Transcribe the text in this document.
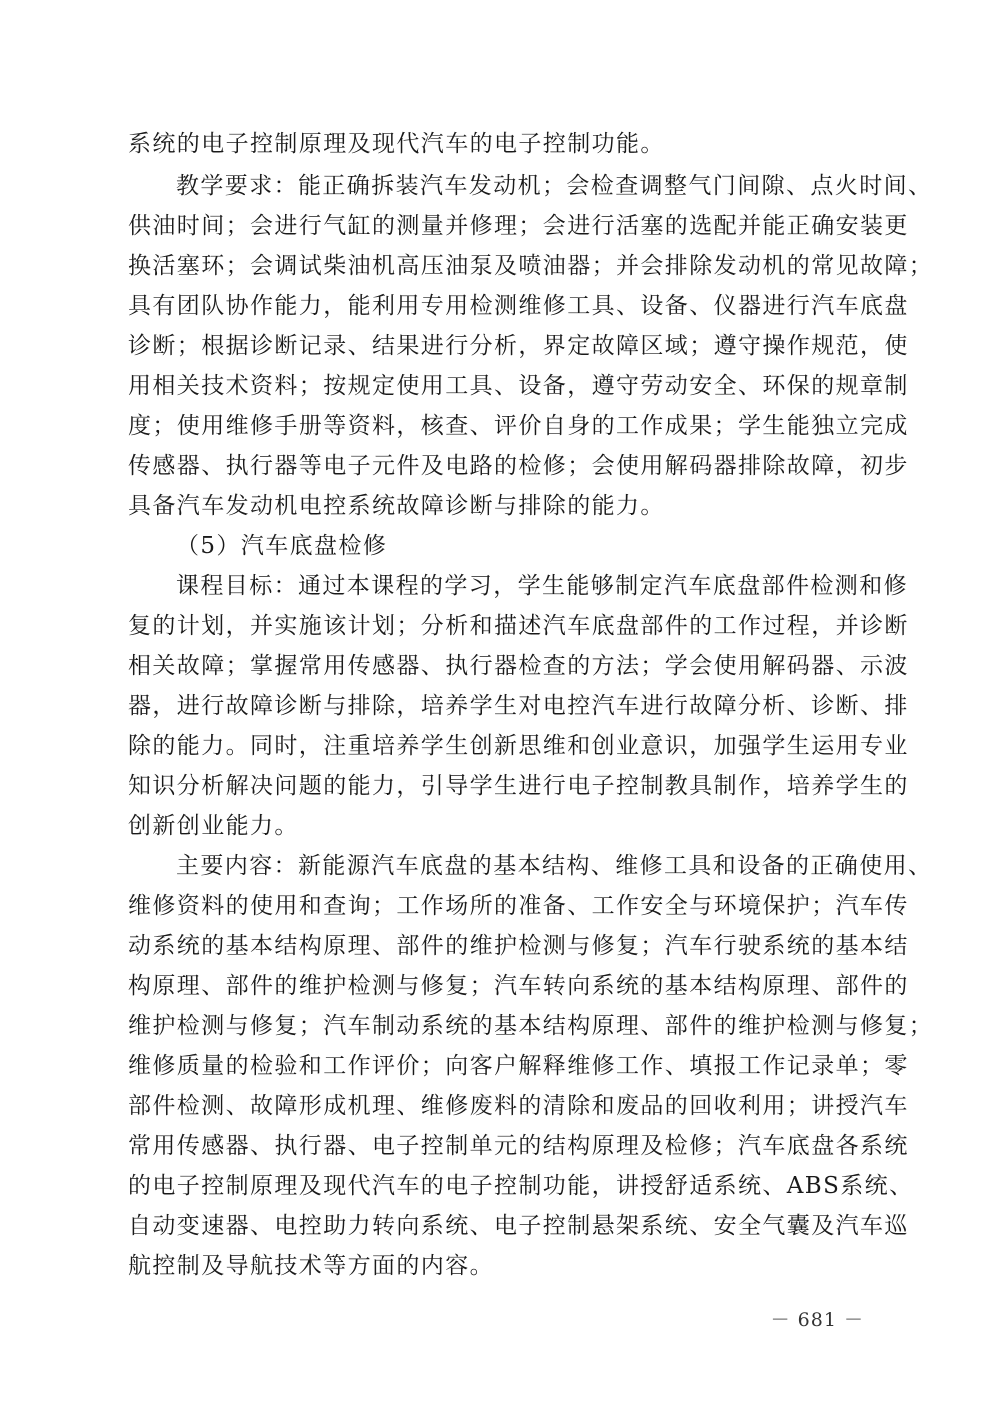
系统的电子控制原理及现代汽车的电子控制功能。
教学要求：能正确拆装汽车发动机；会检查调整气门间隙、点火时间、
供油时间；会进行气缸的测量并修理；会进行活塞的选配并能正确安装更
换活塞环；会调试柴油机高压油泵及喷油器；并会排除发动机的常见故障；
具有团队协作能力，能利用专用检测维修工具、设备、仪器进行汽车底盘
诊断；根据诊断记录、结果进行分析，界定故障区域；遵守操作规范，使
用相关技术资料；按规定使用工具、设备，遵守劳动安全、环保的规章制
度；使用维修手册等资料，核查、评价自身的工作成果；学生能独立完成
传感器、执行器等电子元件及电路的检修；会使用解码器排除故障，初步
具备汽车发动机电控系统故障诊断与排除的能力。
（5）汽车底盘检修
课程目标：通过本课程的学习，学生能够制定汽车底盘部件检测和修
复的计划，并实施该计划；分析和描述汽车底盘部件的工作过程，并诊断
相关故障；掌握常用传感器、执行器检查的方法；学会使用解码器、示波
器，进行故障诊断与排除，培养学生对电控汽车进行故障分析、诊断、排
除的能力。同时，注重培养学生创新思维和创业意识，加强学生运用专业
知识分析解决问题的能力，引导学生进行电子控制教具制作，培养学生的
创新创业能力。
主要内容：新能源汽车底盘的基本结构、维修工具和设备的正确使用、
维修资料的使用和查询；工作场所的准备、工作安全与环境保护；汽车传
动系统的基本结构原理、部件的维护检测与修复；汽车行驶系统的基本结
构原理、部件的维护检测与修复；汽车转向系统的基本结构原理、部件的
维护检测与修复；汽车制动系统的基本结构原理、部件的维护检测与修复；
维修质量的检验和工作评价；向客户解释维修工作、填报工作记录单；零
部件检测、故障形成机理、维修废料的清除和废品的回收利用；讲授汽车
常用传感器、执行器、电子控制单元的结构原理及检修；汽车底盘各系统
的电子控制原理及现代汽车的电子控制功能，讲授舒适系统、ABS系统、
自动变速器、电控助力转向系统、电子控制悬架系统、安全气囊及汽车巡
航控制及导航技术等方面的内容。
－ 681 －
